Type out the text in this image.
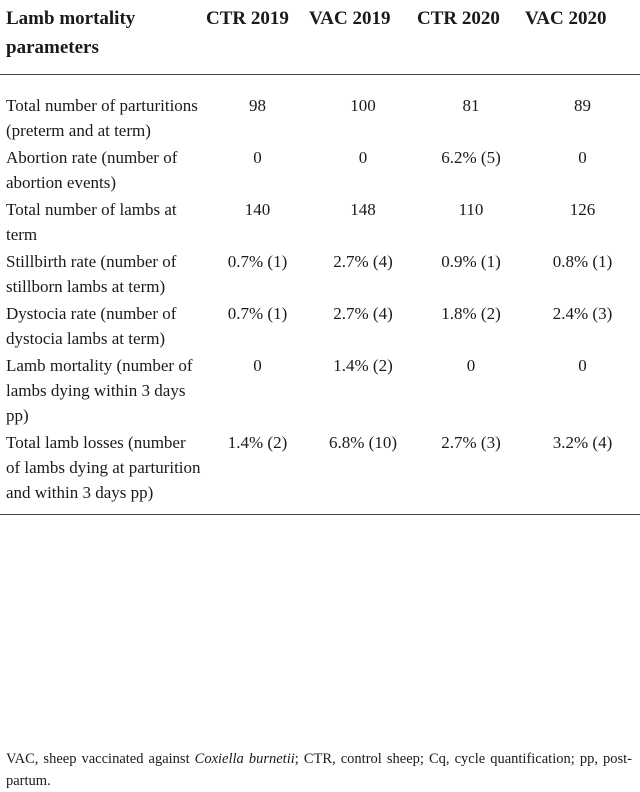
Lamb mortality parameters	CTR 2019	VAC 2019	CTR 2020	VAC 2020
Total number of parturitions (preterm and at term)	98	100	81	89
Abortion rate (number of abortion events)	0	0	6.2% (5)	0
Total number of lambs at term	140	148	110	126
Stillbirth rate (number of stillborn lambs at term)	0.7% (1)	2.7% (4)	0.9% (1)	0.8% (1)
Dystocia rate (number of dystocia lambs at term)	0.7% (1)	2.7% (4)	1.8% (2)	2.4% (3)
Lamb mortality (number of lambs dying within 3 days pp)	0	1.4% (2)	0	0
Total lamb losses (number of lambs dying at parturition and within 3 days pp)	1.4% (2)	6.8% (10)	2.7% (3)	3.2% (4)

VAC, sheep vaccinated against Coxiella burnetii; CTR, control sheep; Cq, cycle quantification; pp, post-partum.
